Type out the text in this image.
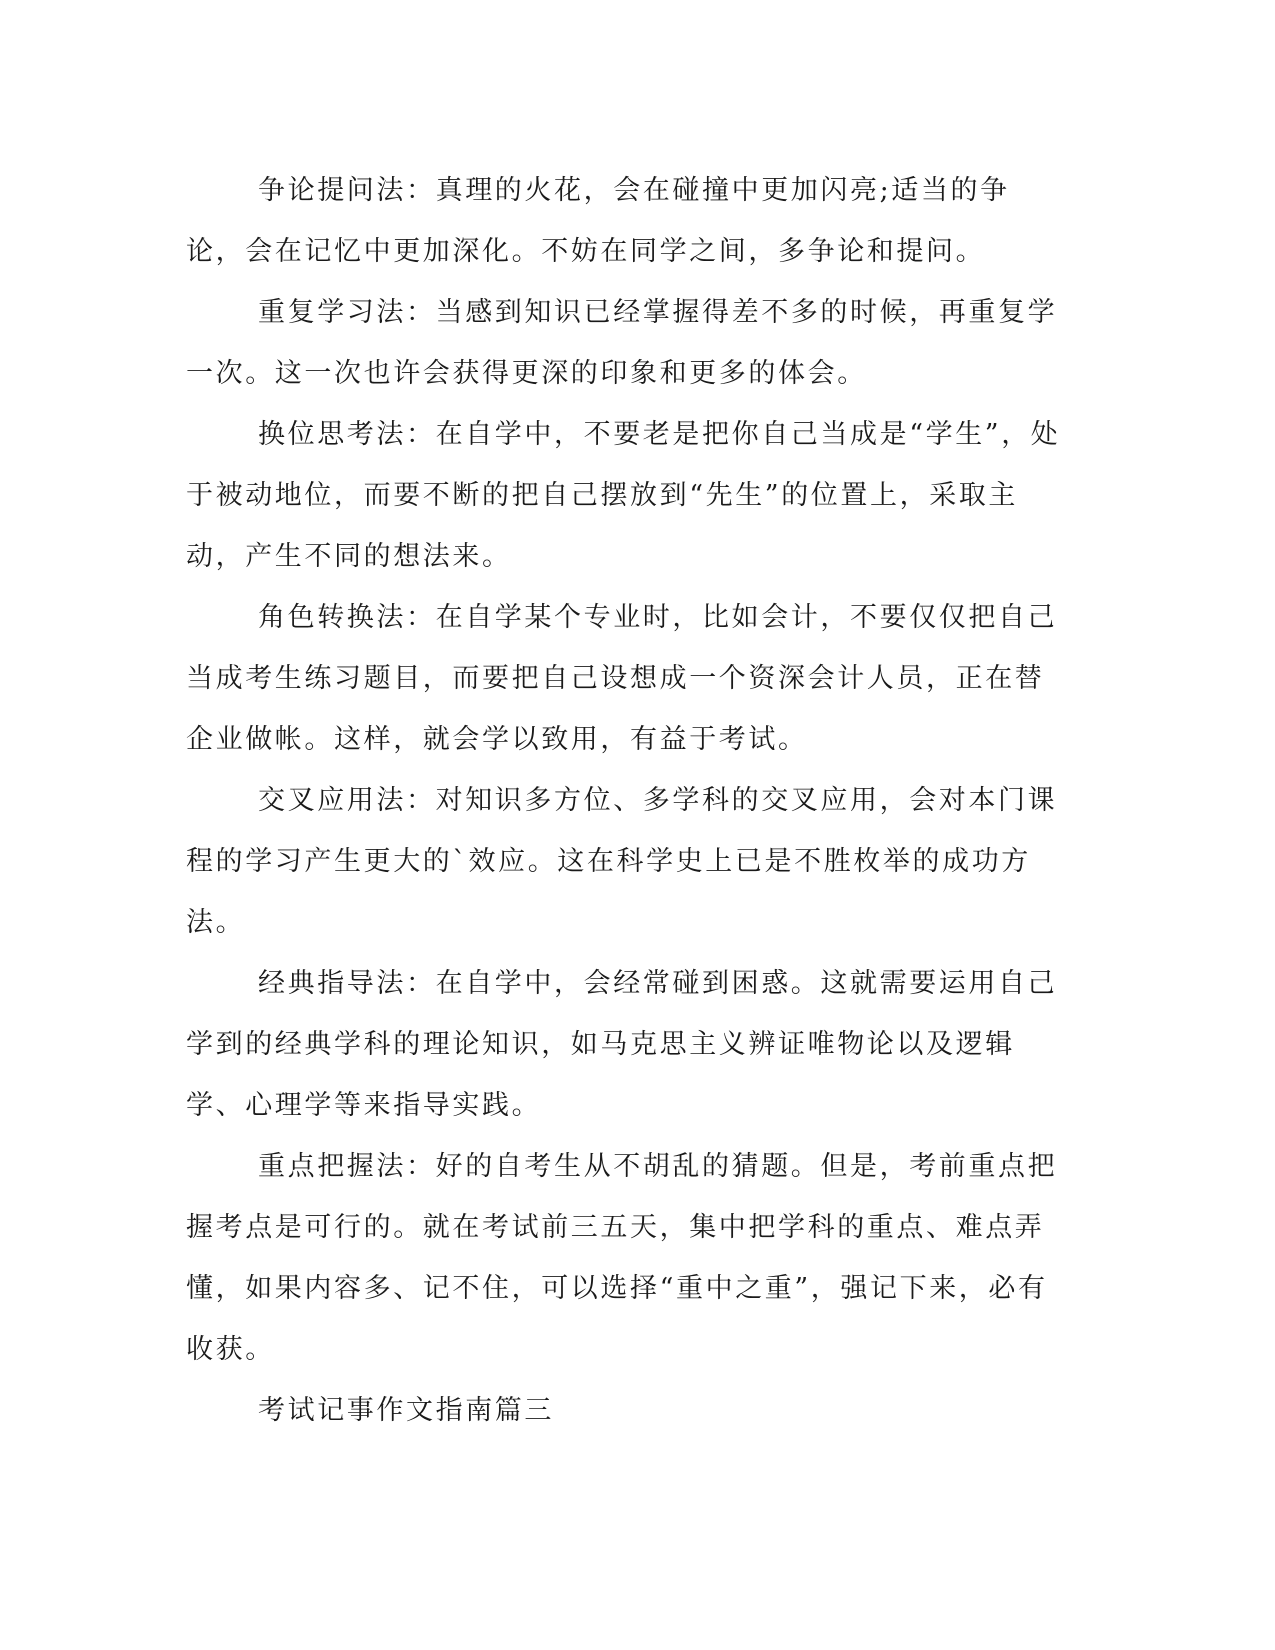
争论提问法：真理的火花，会在碰撞中更加闪亮;适当的争论，会在记忆中更加深化。不妨在同学之间，多争论和提问。

重复学习法：当感到知识已经掌握得差不多的时候，再重复学一次。这一次也许会获得更深的印象和更多的体会。

换位思考法：在自学中，不要老是把你自己当成是“学生”，处于被动地位，而要不断的把自己摆放到“先生”的位置上，采取主动，产生不同的想法来。

角色转换法：在自学某个专业时，比如会计，不要仅仅把自己当成考生练习题目，而要把自己设想成一个资深会计人员，正在替企业做帐。这样，就会学以致用，有益于考试。

交叉应用法：对知识多方位、多学科的交叉应用，会对本门课程的学习产生更大的`效应。这在科学史上已是不胜枚举的成功方法。

经典指导法：在自学中，会经常碰到困惑。这就需要运用自己学到的经典学科的理论知识，如马克思主义辨证唯物论以及逻辑学、心理学等来指导实践。

重点把握法：好的自考生从不胡乱的猜题。但是，考前重点把握考点是可行的。就在考试前三五天，集中把学科的重点、难点弄懂，如果内容多、记不住，可以选择“重中之重”，强记下来，必有收获。

考试记事作文指南篇三
